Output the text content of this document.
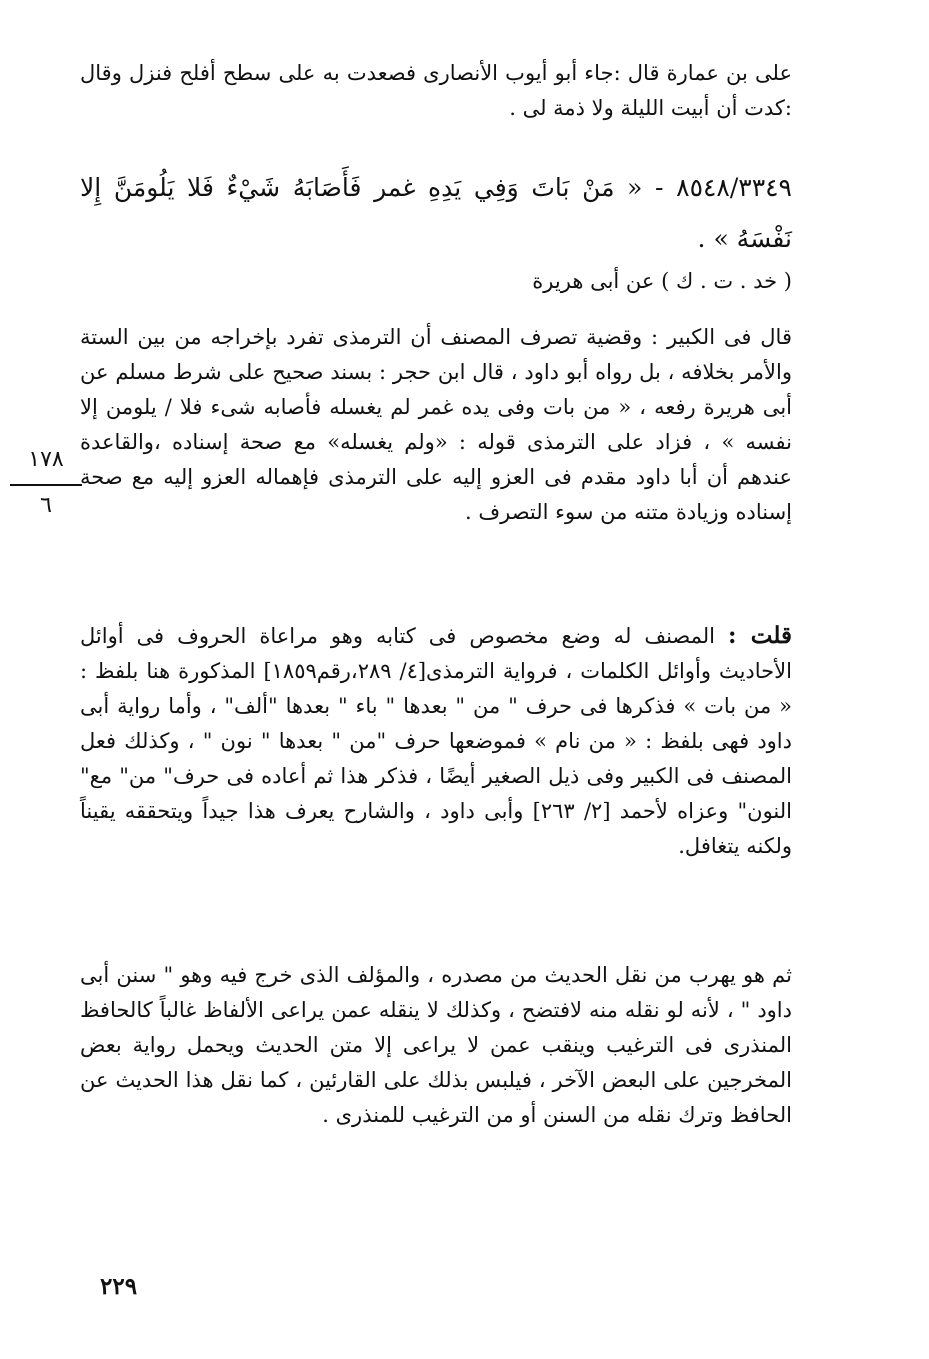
على بن عمارة قال :جاء أبو أيوب الأنصارى فصعدت به على سطح أفلح فنزل وقال :كدت أن أبيت الليلة ولا ذمة لى .

٨٥٤٨/٣٣٤٩ - « مَنْ بَاتَ وَفِي يَدِهِ غمر فَأَصَابَهُ شَيْءٌ فَلا يَلُومَنَّ إِلا نَفْسَهُ » .

( خد . ت . ك ) عن أبى هريرة

قال فى الكبير : وقضية تصرف المصنف أن الترمذى تفرد بإخراجه من بين الستة والأمر بخلافه ، بل رواه أبو داود ، قال ابن حجر : بسند صحيح على شرط مسلم عن أبى هريرة رفعه ، « من بات وفى يده غمر لم يغسله فأصابه شىء فلا / يلومن إلا نفسه » ، فزاد على الترمذى قوله : «ولم يغسله» مع صحة إسناده ،والقاعدة عندهم أن أبا داود مقدم فى العزو إليه على الترمذى فإهماله العزو إليه مع صحة إسناده وزيادة متنه من سوء التصرف .

قلت : المصنف له وضع مخصوص فى كتابه وهو مراعاة الحروف فى أوائل الأحاديث وأوائل الكلمات ، فرواية الترمذى[٤/ ٢٨٩،رقم١٨٥٩] المذكورة هنا بلفظ : « من بات » فذكرها فى حرف " من " بعدها " باء " بعدها "ألف" ، وأما رواية أبى داود فهى بلفظ : « من نام » فموضعها حرف "من " بعدها " نون " ، وكذلك فعل المصنف فى الكبير وفى ذيل الصغير أيضًا ، فذكر هذا ثم أعاده فى حرف" من" مع" النون" وعزاه لأحمد [٢/ ٢٦٣] وأبى داود ، والشارح يعرف هذا جيداً ويتحققه يقيناً ولكنه يتغافل.

ثم هو يهرب من نقل الحديث من مصدره ، والمؤلف الذى خرج فيه وهو " سنن أبى داود " ، لأنه لو نقله منه لافتضح ، وكذلك لا ينقله عمن يراعى الألفاظ غالباً كالحافظ المنذرى فى الترغيب وينقب عمن لا يراعى إلا متن الحديث ويحمل رواية بعض المخرجين على البعض الآخر ، فيلبس بذلك على القارئين ، كما نقل هذا الحديث عن الحافظ وترك نقله من السنن أو من الترغيب للمنذرى .

١٧٨
٦
٢٢٩
